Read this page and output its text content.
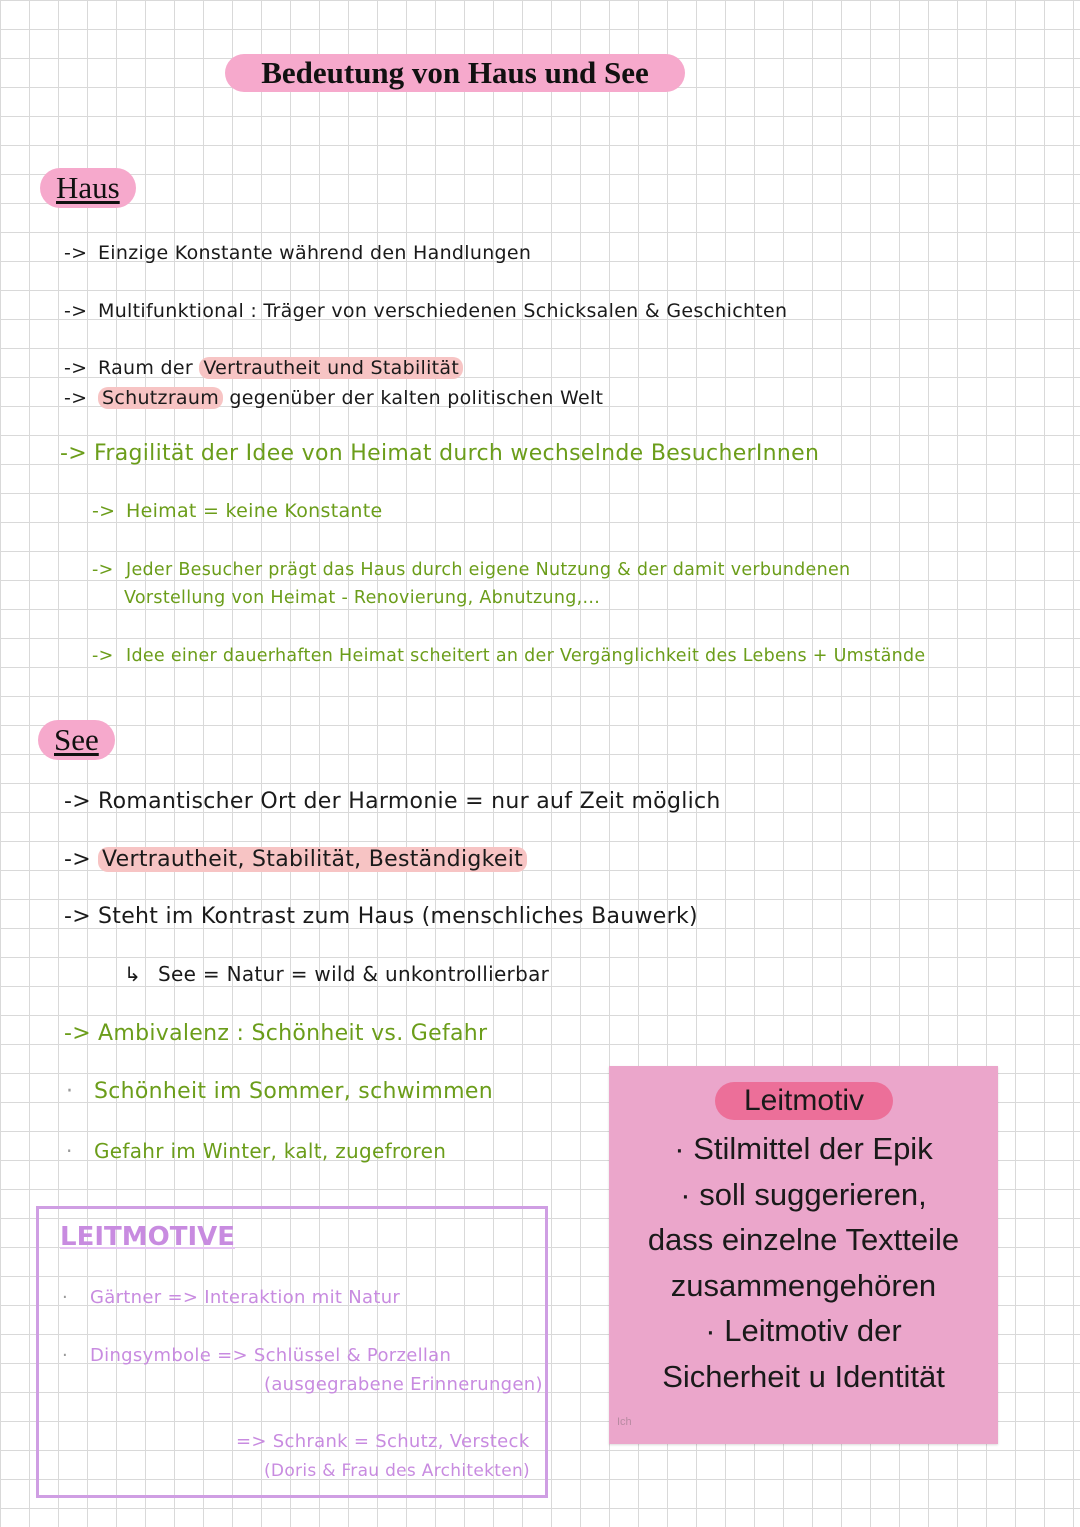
Bedeutung von Haus und See
Haus
-> Einzige Konstante während den Handlungen
-> Multifunktional : Träger von verschiedenen Schicksalen & Geschichten
-> Raum der Vertrautheit und Stabilität
-> Schutzraum gegenüber der kalten politischen Welt
-> Fragilität der Idee von Heimat durch wechselnde BesucherInnen
-> Heimat = keine Konstante
-> Jeder Besucher prägt das Haus durch eigene Nutzung & der damit verbundenen
Vorstellung von Heimat - Renovierung, Abnutzung,...
-> Idee einer dauerhaften Heimat scheitert an der Vergänglichkeit des Lebens + Umstände
See
-> Romantischer Ort der Harmonie = nur auf Zeit möglich
-> Vertrautheit, Stabilität, Beständigkeit
-> Steht im Kontrast zum Haus (menschliches Bauwerk)
↳ See = Natur = wild & unkontrollierbar
-> Ambivalenz : Schönheit vs. Gefahr
· Schönheit im Sommer, schwimmen
· Gefahr im Winter, kalt, zugefroren
LEITMOTIVE
· Gärtner => Interaktion mit Natur
· Dingsymbole => Schlüssel & Porzellan
(ausgegrabene Erinnerungen)
=> Schrank = Schutz, Versteck
(Doris & Frau des Architekten)
Leitmotiv
· Stilmittel der Epik
· soll suggerieren,
dass einzelne Textteile
zusammengehören
· Leitmotiv der
Sicherheit u Identität
Ich
